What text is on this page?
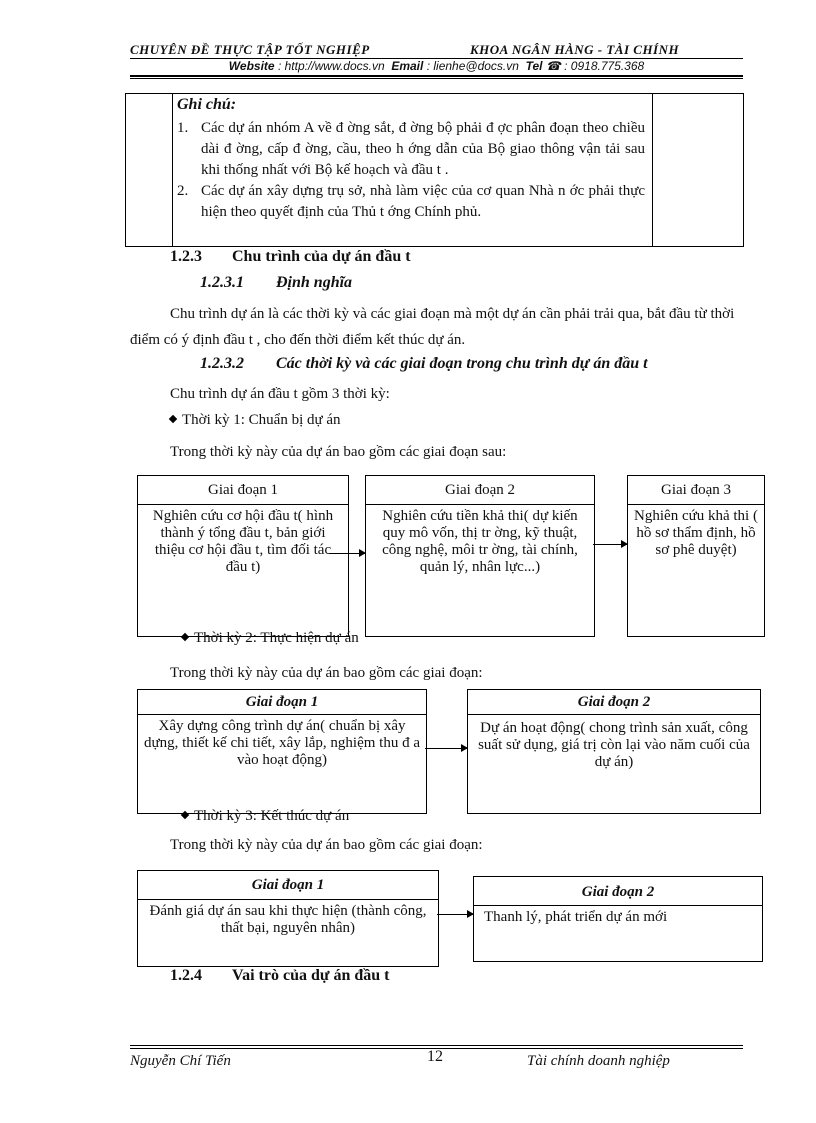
CHUYÊN ĐỀ THỰC TẬP TỐT NGHIỆP	KHOA NGÂN HÀNG - TÀI CHÍNH
Website : http://www.docs.vn Email : lienhe@docs.vn Tel ☎ : 0918.775.368
Ghi chú:
1. Các dự án nhóm A về đ ờng sắt, đ ờng bộ phải đ ợc phân đoạn theo chiều dài đ ờng, cấp đ ờng, cầu, theo h ớng dẫn của Bộ giao thông vận tải sau khi thống nhất với Bộ kế hoạch và đầu t .
2. Các dự án xây dựng trụ sở, nhà làm việc của cơ quan Nhà n ớc phải thực hiện theo quyết định của Thủ t ớng Chính phủ.
1.2.3 Chu trình của dự án đầu t
1.2.3.1 Định nghĩa
Chu trình dự án là các thời kỳ và các giai đoạn mà một dự án cần phải trải qua, bắt đầu từ thời điểm có ý định đầu t , cho đến thời điểm kết thúc dự án.
1.2.3.2 Các thời kỳ và các giai đoạn trong chu trình dự án đầu t
Chu trình dự án đầu t gồm 3 thời kỳ:
Thời kỳ 1: Chuẩn bị dự án
Trong thời kỳ này của dự án bao gồm các giai đoạn sau:
Giai đoạn 1
Nghiên cứu cơ hội đầu t( hình thành ý tổng đầu t, bản giới thiệu cơ hội đầu t, tìm đối tác đầu t)
Giai đoạn 2
Nghiên cứu tiền khả thi( dự kiến quy mô vốn, thị tr ờng, kỹ thuật, công nghệ, môi tr ờng, tài chính, quản lý, nhân lực...)
Giai đoạn 3
Nghiên cứu khả thi ( hồ sơ thẩm định, hồ sơ phê duyệt)
Thời kỳ 2: Thực hiện dự án
Trong thời kỳ này của dự án bao gồm các giai đoạn:
Giai đoạn 1
Xây dựng công trình dự án( chuẩn bị xây dựng, thiết kế chi tiết, xây lắp, nghiệm thu đ a vào hoạt động)
Giai đoạn 2
Dự án hoạt động( chong trình sản xuất, công suất sử dụng, giá trị còn lại vào năm cuối của dự án)
Thời kỳ 3: Kết thúc dự án
Trong thời kỳ này của dự án bao gồm các giai đoạn:
Giai đoạn 1
Đánh giá dự án sau khi thực hiện (thành công, thất bại, nguyên nhân)
Giai đoạn 2
Thanh lý, phát triển dự án mới
1.2.4 Vai trò của dự án đầu t
Nguyễn Chí Tiến	12	Tài chính doanh nghiệp
